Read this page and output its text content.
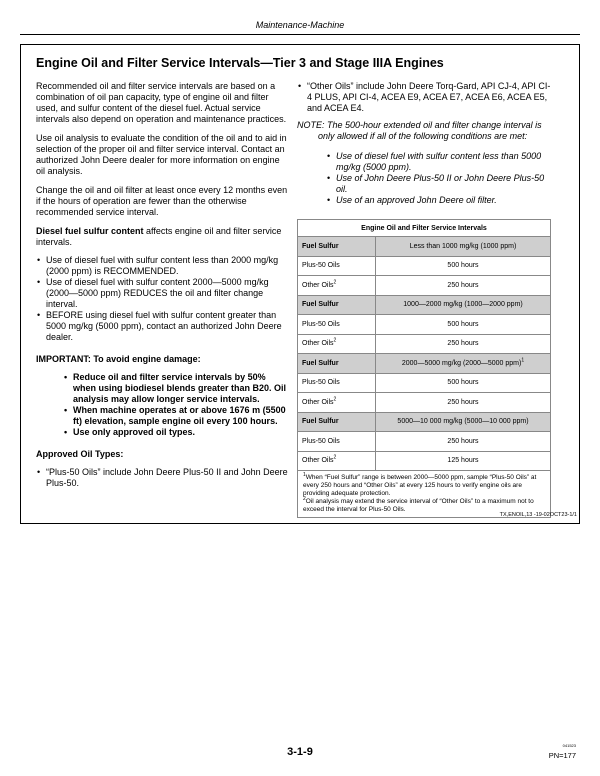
Maintenance-Machine
Engine Oil and Filter Service Intervals—Tier 3 and Stage IIIA Engines

Recommended oil and filter service intervals are based on a combination of oil pan capacity, type of engine oil and filter used, and sulfur content of the diesel fuel. Actual service intervals also depend on operation and maintenance practices.

Use oil analysis to evaluate the condition of the oil and to aid in selection of the proper oil and filter service interval. Contact an authorized John Deere dealer for more information on engine oil analysis.

Change the oil and oil filter at least once every 12 months even if the hours of operation are fewer than the otherwise recommended service interval.

Diesel fuel sulfur content affects engine oil and filter service intervals.

• Use of diesel fuel with sulfur content less than 2000 mg/kg (2000 ppm) is RECOMMENDED.
• Use of diesel fuel with sulfur content 2000—5000 mg/kg (2000—5000 ppm) REDUCES the oil and filter change interval.
• BEFORE using diesel fuel with sulfur content greater than 5000 mg/kg (5000 ppm), contact an authorized John Deere dealer.

IMPORTANT: To avoid engine damage:

• Reduce oil and filter service intervals by 50% when using biodiesel blends greater than B20. Oil analysis may allow longer service intervals.
• When machine operates at or above 1676 m (5500 ft) elevation, sample engine oil every 100 hours.
• Use only approved oil types.

Approved Oil Types:

• “Plus-50 Oils” include John Deere Plus-50 II and John Deere Plus-50.
• “Other Oils” include John Deere Torq-Gard, API CJ-4, API CI-4 PLUS, API CI-4, ACEA E9, ACEA E7, ACEA E6, ACEA E5, and ACEA E4.
NOTE: The 500-hour extended oil and filter change interval is only allowed if all of the following conditions are met:
• Use of diesel fuel with sulfur content less than 5000 mg/kg (5000 ppm).
• Use of John Deere Plus-50 II or John Deere Plus-50 oil.
• Use of an approved John Deere oil filter.
Engine Oil and Filter Service Intervals	
Fuel Sulfur	Less than 1000 mg/kg (1000 ppm)
Plus-50 Oils	500 hours
Other Oils$^2$	250 hours
Fuel Sulfur	1000—2000 mg/kg (1000—2000 ppm)
Plus-50 Oils	500 hours
Other Oils$^2$	250 hours
Fuel Sulfur	2000—5000 mg/kg (2000—5000 ppm)$^1$
Plus-50 Oils	500 hours
Other Oils$^2$	250 hours
Fuel Sulfur	5000—10 000 mg/kg (5000—10 000 ppm)
Plus-50 Oils	250 hours
Other Oils$^2$	125 hours

$^1$When “Fuel Sulfur” range is between 2000—5000 ppm, sample “Plus-50 Oils” at every 250 hours and “Other Oils” at every 125 hours to verify engine oils are providing adequate protection.
$^2$Oil analysis may extend the service interval of “Other Oils” to a maximum not to exceed the interval for Plus-50 Oils.	
TX,ENOIL,13 -19-02OCT23-1/1
3-1-9
041523
PN=177
